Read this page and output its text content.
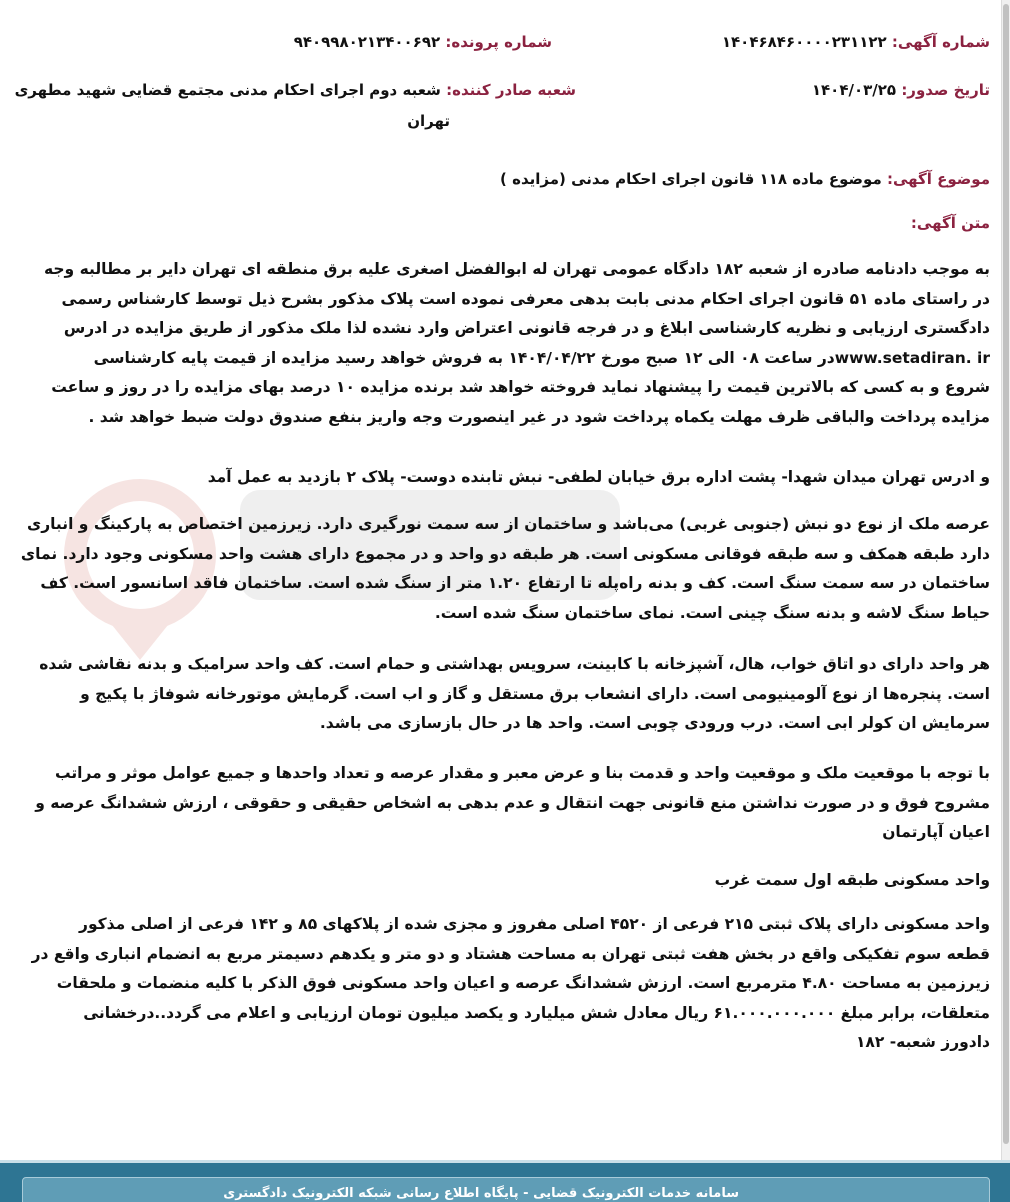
شماره آگهی: ۱۴۰۴۶۸۴۶۰۰۰۰۲۳۱۱۲۲
شماره پرونده: ۹۴۰۹۹۸۰۲۱۳۴۰۰۶۹۲
تاریخ صدور: ۱۴۰۴/۰۳/۲۵
شعبه صادر کننده: شعبه دوم اجرای احکام مدنی مجتمع قضایی شهید مطهری
تهران
موضوع آگهی: موضوع ماده ۱۱۸ قانون اجرای احکام مدنی (مزایده )
متن آگهی:

به موجب دادنامه صادره از شعبه ۱۸۲ دادگاه عمومی تهران له ابوالفضل اصغری علیه برق منطقه ای تهران دایر بر مطالبه وجه

در راستای ماده ۵۱ قانون اجرای احکام مدنی بابت بدهی معرفی نموده است پلاک مذکور بشرح ذیل توسط کارشناس رسمی

دادگستری ارزیابی و نظریه کارشناسی ابلاغ و در فرجه قانونی اعتراض وارد نشده لذا ملک مذکور از طریق مزایده در ادرس

www.setadiran. irدر ساعت ۰۸ الی ۱۲ صبح مورخ ۱۴۰۴/۰۴/۲۲ به فروش خواهد رسید مزایده از قیمت پایه کارشناسی

شروع و به کسی که بالاترین قیمت را پیشنهاد نماید فروخته خواهد شد برنده مزایده ۱۰ درصد بهای مزایده را در روز و ساعت

مزایده پرداخت والباقی ظرف مهلت یکماه پرداخت شود در غیر اینصورت وجه واریز بنفع صندوق دولت ضبط خواهد شد .

و ادرس تهران میدان شهدا- پشت اداره برق خیابان لطفی- نبش تابنده دوست- پلاک ۲ بازدید به عمل آمد

عرصه ملک از نوع دو نبش (جنوبی غربی) می‌باشد و ساختمان از سه سمت نورگیری دارد. زیرزمین اختصاص به پارکینگ و انباری

دارد طبقه همکف و سه طبقه فوقانی مسکونی است. هر طبقه دو واحد و در مجموع دارای هشت واحد مسکونی وجود دارد. نمای

ساختمان در سه سمت سنگ است. کف و بدنه راه‌پله تا ارتفاع ۱.۲۰ متر از سنگ شده است. ساختمان فاقد اسانسور است. کف

حیاط سنگ لاشه و بدنه سنگ چینی است. نمای ساختمان سنگ شده است.

هر واحد دارای دو اتاق خواب، هال، آشپزخانه با کابینت، سرویس بهداشتی و حمام است. کف واحد سرامیک و بدنه نقاشی شده

است. پنجره‌ها از نوع آلومینیومی است. دارای انشعاب برق مستقل و گاز و اب است. گرمایش موتورخانه شوفاژ با پکیج و

سرمایش ان کولر ابی است. درب ورودی چوبی است. واحد ها در حال بازسازی می باشد.

با توجه با موقعیت ملک و موقعیت واحد و قدمت بنا و عرض معبر و مقدار عرصه و تعداد واحدها و جمیع عوامل موثر و مراتب

مشروح فوق و در صورت نداشتن منع قانونی جهت انتقال و عدم بدهی به اشخاص حقیقی و حقوقی ، ارزش ششدانگ عرصه و

اعیان آپارتمان

واحد مسکونی طبقه اول سمت غرب

واحد مسکونی دارای پلاک ثبتی ۲۱۵ فرعی از ۴۵۲۰ اصلی مفروز و مجزی شده از پلاکهای ۸۵ و ۱۴۲ فرعی از اصلی مذکور

قطعه سوم تفکیکی واقع در بخش هفت ثبتی تهران به مساحت هشتاد و دو متر و یکدهم دسیمتر مربع به انضمام انباری واقع در

زیرزمین به مساحت ۴.۸۰ مترمربع است. ارزش ششدانگ عرصه و اعیان واحد مسکونی فوق الذکر با کلیه منضمات و ملحقات

متعلقات، برابر مبلغ ۶۱.۰۰۰.۰۰۰.۰۰۰ ریال معادل شش میلیارد و یکصد میلیون تومان ارزیابی و اعلام می گردد..درخشانی

دادورز شعبه- ۱۸۲

سامانه خدمات الکترونیک قضایی - پایگاه اطلاع رسانی شبکه الکترونیک دادگستری
